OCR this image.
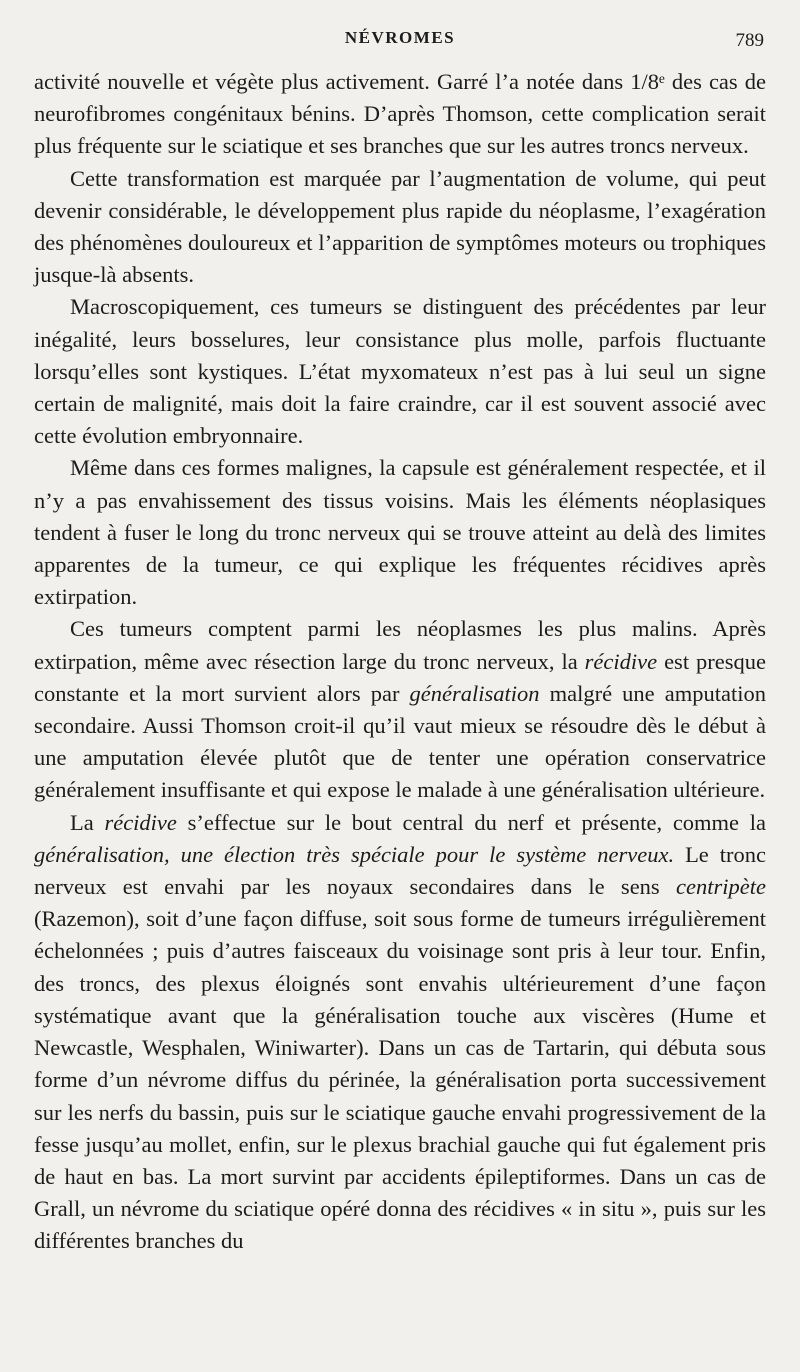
NÉVROMES	789

activité nouvelle et végète plus activement. Garré l’a notée dans 1/8ᵉ des cas de neurofibromes congénitaux bénins. D’après Thomson, cette complication serait plus fréquente sur le sciatique et ses branches que sur les autres troncs nerveux.

Cette transformation est marquée par l’augmentation de volume, qui peut devenir considérable, le développement plus rapide du néoplasme, l’exagération des phénomènes douloureux et l’apparition de symptômes moteurs ou trophiques jusque-là absents.

Macroscopiquement, ces tumeurs se distinguent des précédentes par leur inégalité, leurs bosselures, leur consistance plus molle, parfois fluctuante lorsqu’elles sont kystiques. L’état myxomateux n’est pas à lui seul un signe certain de malignité, mais doit la faire craindre, car il est souvent associé avec cette évolution embryonnaire.

Même dans ces formes malignes, la capsule est généralement respectée, et il n’y a pas envahissement des tissus voisins. Mais les éléments néoplasiques tendent à fuser le long du tronc nerveux qui se trouve atteint au delà des limites apparentes de la tumeur, ce qui explique les fréquentes récidives après extirpation.

Ces tumeurs comptent parmi les néoplasmes les plus malins. Après extirpation, même avec résection large du tronc nerveux, la récidive est presque constante et la mort survient alors par généralisation malgré une amputation secondaire. Aussi Thomson croit-il qu’il vaut mieux se résoudre dès le début à une amputation élevée plutôt que de tenter une opération conservatrice généralement insuffisante et qui expose le malade à une généralisation ultérieure.

La récidive s’effectue sur le bout central du nerf et présente, comme la généralisation, une élection très spéciale pour le système nerveux. Le tronc nerveux est envahi par les noyaux secondaires dans le sens centripète (Razemon), soit d’une façon diffuse, soit sous forme de tumeurs irrégulièrement échelonnées ; puis d’autres faisceaux du voisinage sont pris à leur tour. Enfin, des troncs, des plexus éloignés sont envahis ultérieurement d’une façon systématique avant que la généralisation touche aux viscères (Hume et Newcastle, Wesphalen, Winiwarter). Dans un cas de Tartarin, qui débuta sous forme d’un névrome diffus du périnée, la généralisation porta successivement sur les nerfs du bassin, puis sur le sciatique gauche envahi progressivement de la fesse jusqu’au mollet, enfin, sur le plexus brachial gauche qui fut également pris de haut en bas. La mort survint par accidents épileptiformes. Dans un cas de Grall, un névrome du sciatique opéré donna des récidives « in situ », puis sur les différentes branches du
